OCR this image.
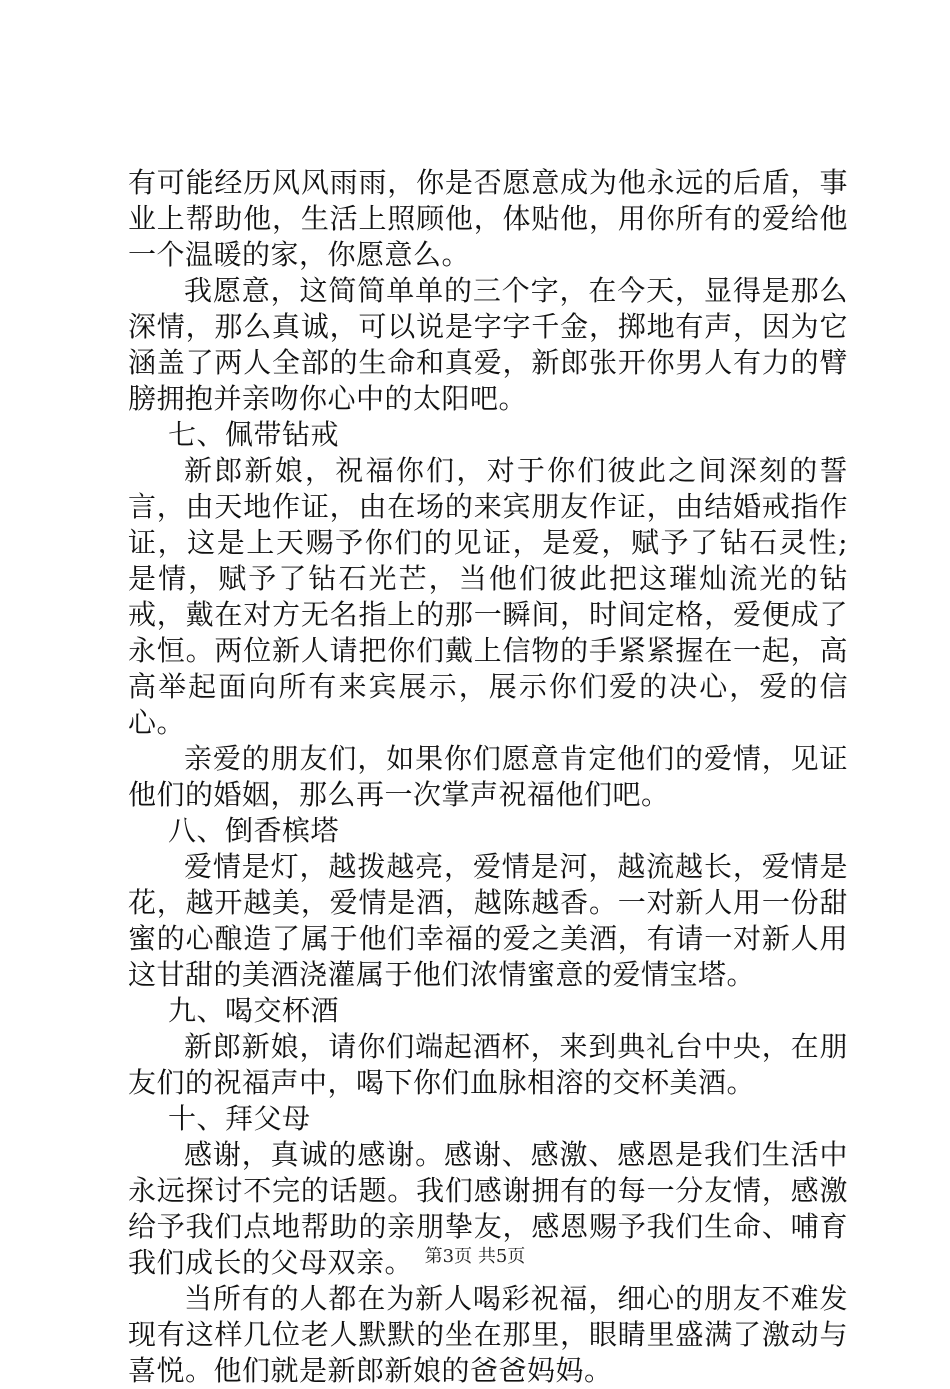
有可能经历风风雨雨，你是否愿意成为他永远的后盾，事业上帮助他，生活上照顾他，体贴他，用你所有的爱给他一个温暖的家，你愿意么。

我愿意，这简简单单的三个字，在今天，显得是那么深情，那么真诚，可以说是字字千金，掷地有声，因为它涵盖了两人全部的生命和真爱，新郎张开你男人有力的臂膀拥抱并亲吻你心中的太阳吧。

七、佩带钻戒

新郎新娘，祝福你们，对于你们彼此之间深刻的誓言，由天地作证，由在场的来宾朋友作证，由结婚戒指作证，这是上天赐予你们的见证，是爱，赋予了钻石灵性;是情，赋予了钻石光芒，当他们彼此把这璀灿流光的钻戒，戴在对方无名指上的那一瞬间，时间定格，爱便成了永恒。两位新人请把你们戴上信物的手紧紧握在一起，高高举起面向所有来宾展示，展示你们爱的决心，爱的信心。

亲爱的朋友们，如果你们愿意肯定他们的爱情，见证他们的婚姻，那么再一次掌声祝福他们吧。

八、倒香槟塔

爱情是灯，越拨越亮，爱情是河，越流越长，爱情是花，越开越美，爱情是酒，越陈越香。一对新人用一份甜蜜的心酿造了属于他们幸福的爱之美酒，有请一对新人用这甘甜的美酒浇灌属于他们浓情蜜意的爱情宝塔。

九、喝交杯酒

新郎新娘，请你们端起酒杯，来到典礼台中央，在朋友们的祝福声中，喝下你们血脉相溶的交杯美酒。

十、拜父母

感谢，真诚的感谢。感谢、感激、感恩是我们生活中永远探讨不完的话题。我们感谢拥有的每一分友情，感激给予我们点地帮助的亲朋挚友，感恩赐予我们生命、哺育我们成长的父母双亲。

当所有的人都在为新人喝彩祝福，细心的朋友不难发现有这样几位老人默默的坐在那里，眼睛里盛满了激动与喜悦。他们就是新郎新娘的爸爸妈妈。

第3页 共5页
